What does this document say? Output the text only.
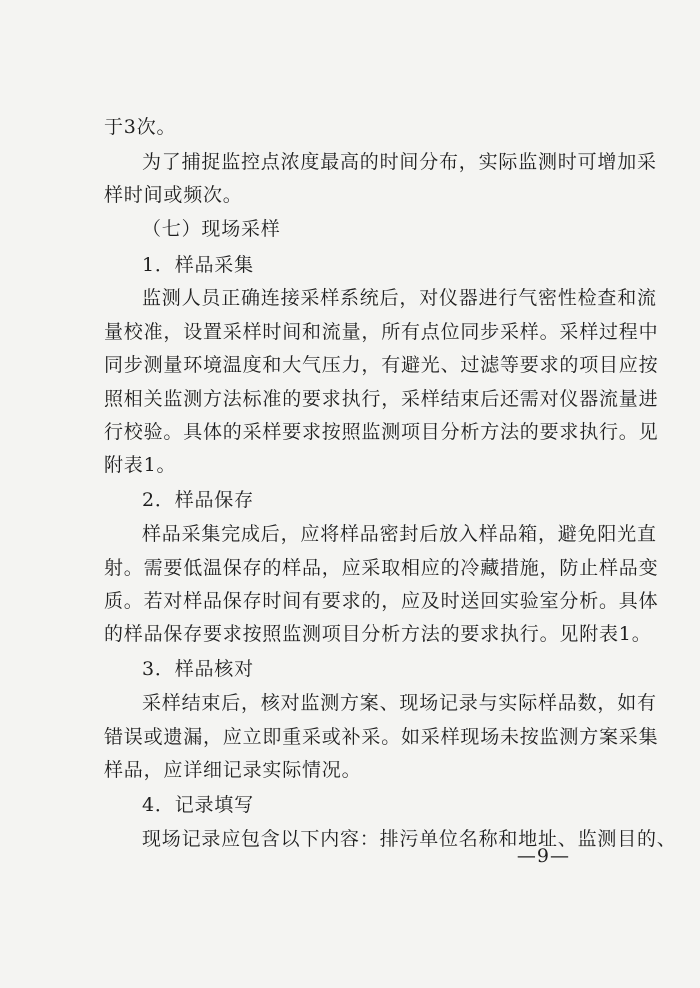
于3次。
为了捕捉监控点浓度最高的时间分布，实际监测时可增加采
样时间或频次。
（七）现场采样
1．样品采集
监测人员正确连接采样系统后，对仪器进行气密性检查和流
量校准，设置采样时间和流量，所有点位同步采样。采样过程中
同步测量环境温度和大气压力，有避光、过滤等要求的项目应按
照相关监测方法标准的要求执行，采样结束后还需对仪器流量进
行校验。具体的采样要求按照监测项目分析方法的要求执行。见
附表1。
2．样品保存
样品采集完成后，应将样品密封后放入样品箱，避免阳光直
射。需要低温保存的样品，应采取相应的冷藏措施，防止样品变
质。若对样品保存时间有要求的，应及时送回实验室分析。具体
的样品保存要求按照监测项目分析方法的要求执行。见附表1。
3．样品核对
采样结束后，核对监测方案、现场记录与实际样品数，如有
错误或遗漏，应立即重采或补采。如采样现场未按监测方案采集
样品，应详细记录实际情况。
4．记录填写
现场记录应包含以下内容：排污单位名称和地址、监测目的、
—9—
